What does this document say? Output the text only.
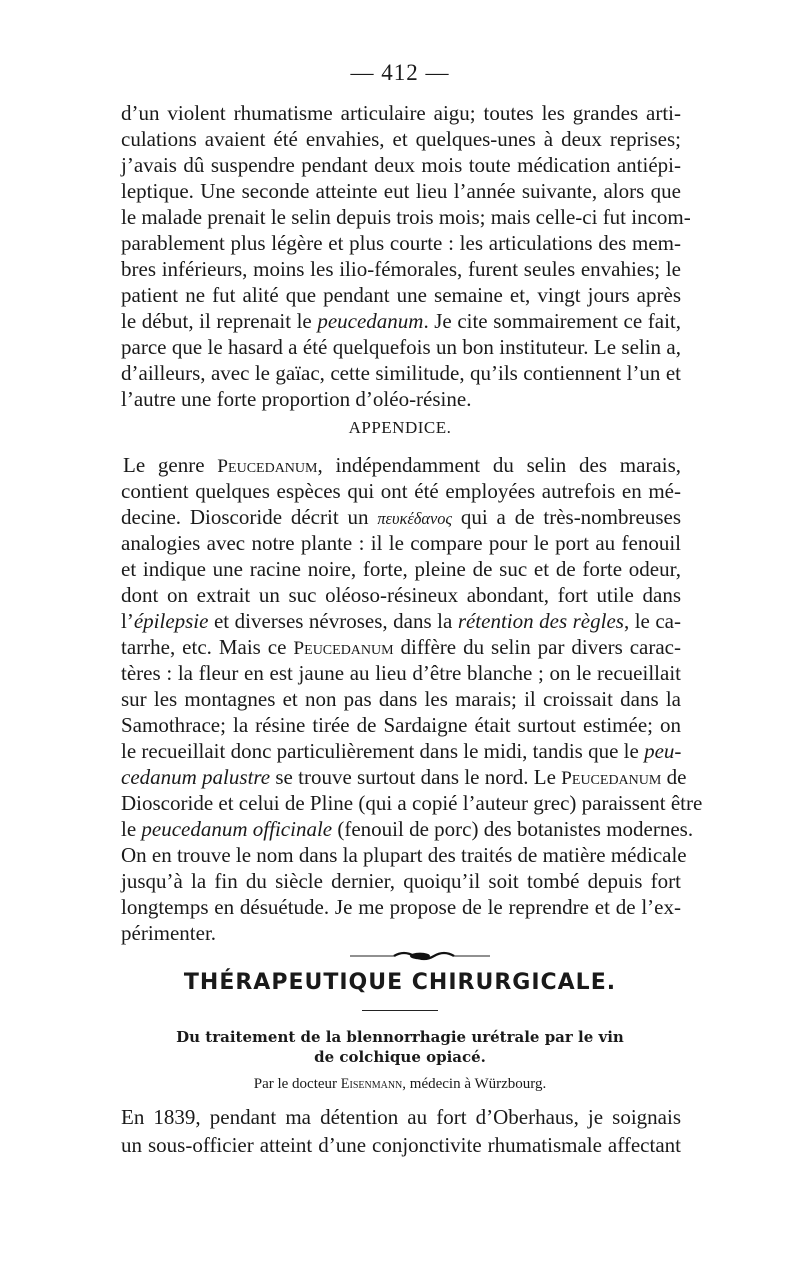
— 412 —
d’un violent rhumatisme articulaire aigu; toutes les grandes arti-
culations avaient été envahies, et quelques-unes à deux reprises;
j’avais dû suspendre pendant deux mois toute médication antiépi-
leptique. Une seconde atteinte eut lieu l’année suivante, alors que
le malade prenait le selin depuis trois mois; mais celle-ci fut incom-
parablement plus légère et plus courte : les articulations des mem-
bres inférieurs, moins les ilio-fémorales, furent seules envahies; le
patient ne fut alité que pendant une semaine et, vingt jours après
le début, il reprenait le peucedanum. Je cite sommairement ce fait,
parce que le hasard a été quelquefois un bon instituteur. Le selin a,
d’ailleurs, avec le gaïac, cette similitude, qu’ils contiennent l’un et
l’autre une forte proportion d’oléo-résine.
APPENDICE.
Le genre Peucedanum, indépendamment du selin des marais,
contient quelques espèces qui ont été employées autrefois en mé-
decine. Dioscoride décrit un πευκέδανος qui a de très-nombreuses
analogies avec notre plante : il le compare pour le port au fenouil
et indique une racine noire, forte, pleine de suc et de forte odeur,
dont on extrait un suc oléoso-résineux abondant, fort utile dans
l’épilepsie et diverses névroses, dans la rétention des règles, le ca-
tarrhe, etc. Mais ce Peucedanum diffère du selin par divers carac-
tères : la fleur en est jaune au lieu d’être blanche ; on le recueillait
sur les montagnes et non pas dans les marais; il croissait dans la
Samothrace; la résine tirée de Sardaigne était surtout estimée; on
le recueillait donc particulièrement dans le midi, tandis que le peu-
cedanum palustre se trouve surtout dans le nord. Le Peucedanum de
Dioscoride et celui de Pline (qui a copié l’auteur grec) paraissent être
le peucedanum officinale (fenouil de porc) des botanistes modernes.
On en trouve le nom dans la plupart des traités de matière médicale
jusqu’à la fin du siècle dernier, quoiqu’il soit tombé depuis fort
longtemps en désuétude. Je me propose de le reprendre et de l’ex-
périmenter.
THÉRAPEUTIQUE CHIRURGICALE.
Du traitement de la blennorrhagie urétrale par le vin
de colchique opiacé.
Par le docteur Eisenmann, médecin à Würzbourg.
En 1839, pendant ma détention au fort d’Oberhaus, je soignais
un sous-officier atteint d’une conjonctivite rhumatismale affectant
